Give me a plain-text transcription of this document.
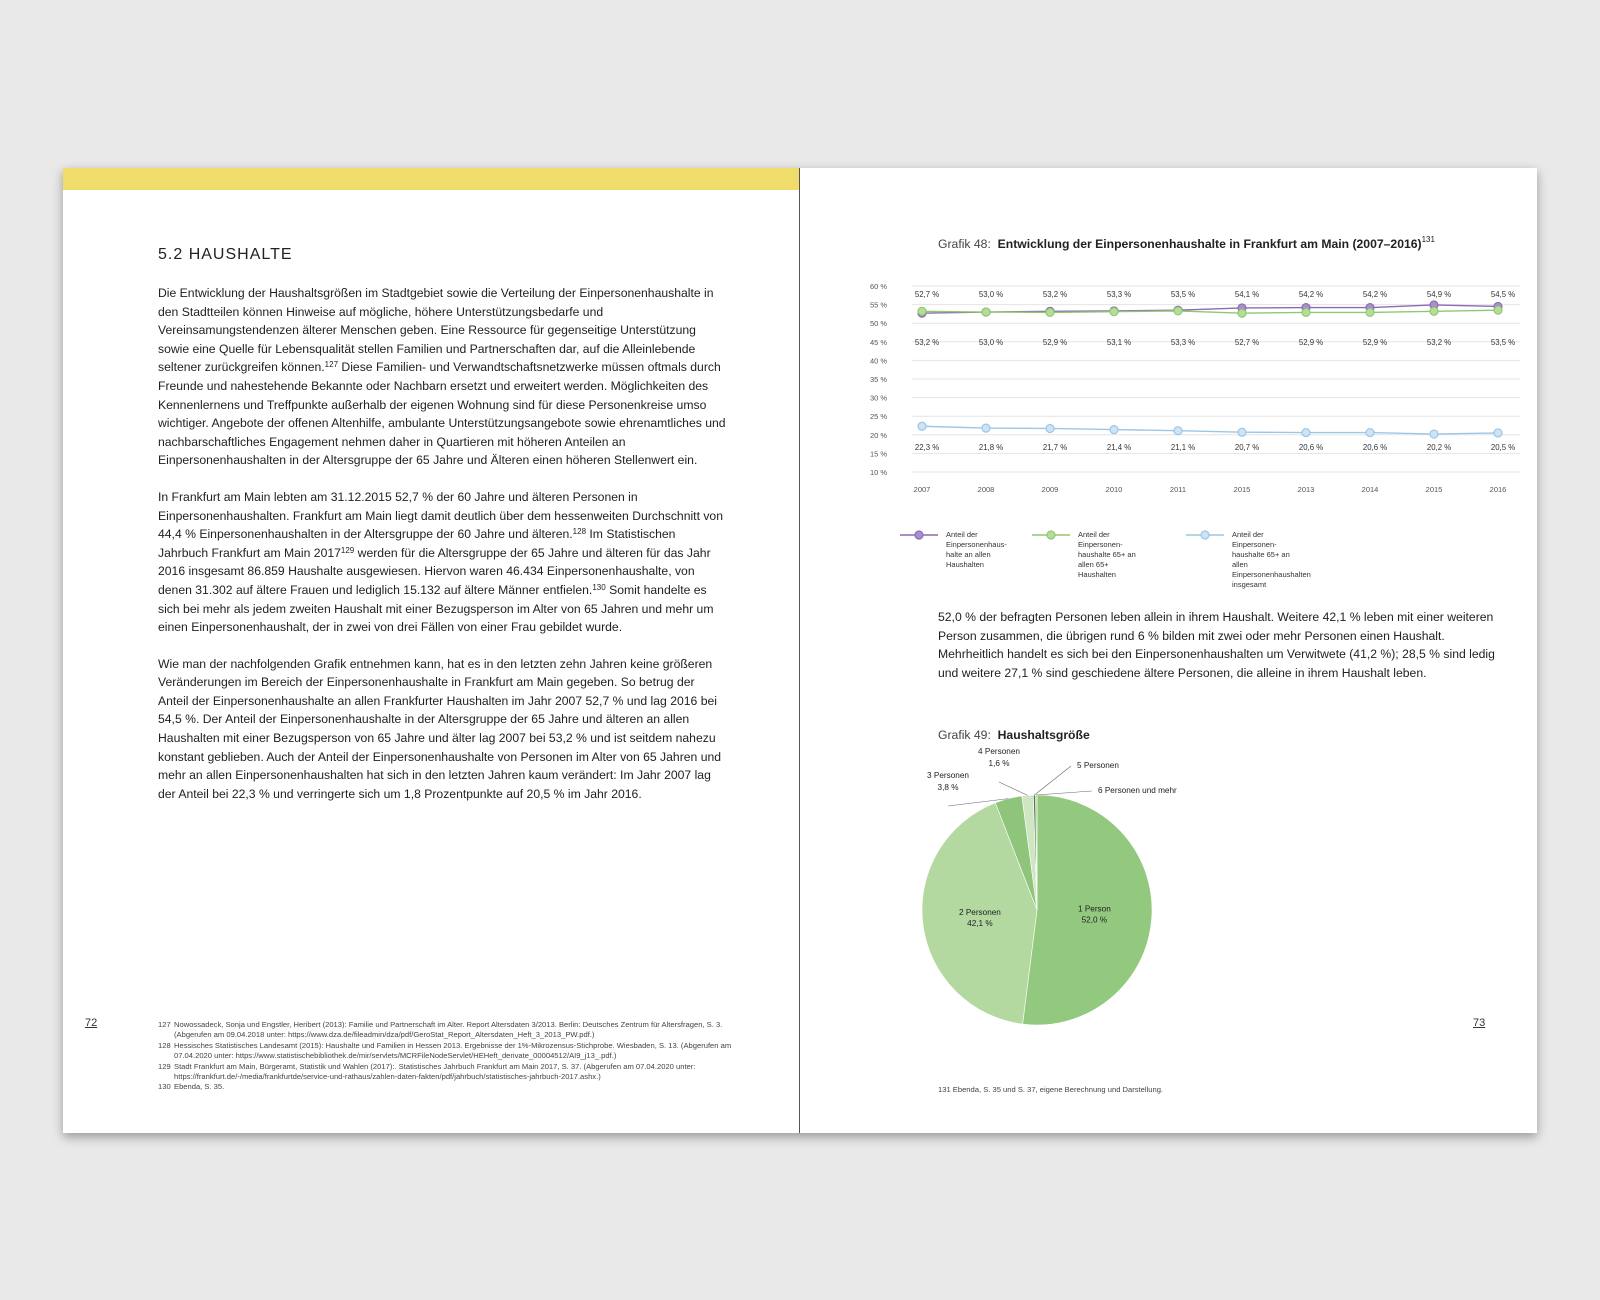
5.2 HAUSHALTE

Die Entwicklung der Haushaltsgrößen im Stadtgebiet sowie die Verteilung der Einpersonenhaushalte in den Stadtteilen können Hinweise auf mögliche, höhere Unterstützungsbedarfe und Vereinsamungstendenzen älterer Menschen geben. Eine Ressource für gegenseitige Unterstützung sowie eine Quelle für Lebensqualität stellen Familien und Partnerschaften dar, auf die Alleinlebende seltener zurückgreifen können.$^{127}$ Diese Familien- und Verwandtschaftsnetzwerke müssen oftmals durch Freunde und nahestehende Bekannte oder Nachbarn ersetzt und erweitert werden. Möglichkeiten des Kennenlernens und Treffpunkte außerhalb der eigenen Wohnung sind für diese Personenkreise umso wichtiger. Angebote der offenen Altenhilfe, ambulante Unterstützungsangebote sowie ehrenamtliches und nachbarschaftliches Engagement nehmen daher in Quartieren mit höheren Anteilen an Einpersonenhaushalten in der Altersgruppe der 65 Jahre und Älteren einen höheren Stellenwert ein.

In Frankfurt am Main lebten am 31.12.2015 52,7 % der 60 Jahre und älteren Personen in Einpersonenhaushalten. Frankfurt am Main liegt damit deutlich über dem hessenweiten Durchschnitt von 44,4 % Einpersonenhaushalten in der Altersgruppe der 60 Jahre und älteren.$^{128}$ Im Statistischen Jahrbuch Frankfurt am Main 2017$^{129}$ werden für die Altersgruppe der 65 Jahre und älteren für das Jahr 2016 insgesamt 86.859 Haushalte ausgewiesen. Hiervon waren 46.434 Einpersonenhaushalte, von denen 31.302 auf ältere Frauen und lediglich 15.132 auf ältere Männer entfielen.$^{130}$ Somit handelte es sich bei mehr als jedem zweiten Haushalt mit einer Bezugsperson im Alter von 65 Jahren und mehr um einen Einpersonenhaushalt, der in zwei von drei Fällen von einer Frau gebildet wurde.

Wie man der nachfolgenden Grafik entnehmen kann, hat es in den letzten zehn Jahren keine größeren Veränderungen im Bereich der Einpersonenhaushalte in Frankfurt am Main gegeben. So betrug der Anteil der Einpersonenhaushalte an allen Frankfurter Haushalten im Jahr 2007 52,7 % und lag 2016 bei 54,5 %. Der Anteil der Einpersonenhaushalte in der Altersgruppe der 65 Jahre und älteren an allen Haushalten mit einer Bezugsperson von 65 Jahre und älter lag 2007 bei 53,2 % und ist seitdem nahezu konstant geblieben. Auch der Anteil der Einpersonenhaushalte von Personen im Alter von 65 Jahren und mehr an allen Einpersonenhaushalten hat sich in den letzten Jahren kaum verändert: Im Jahr 2007 lag der Anteil bei 22,3 % und verringerte sich um 1,8 Prozentpunkte auf 20,5 % im Jahr 2016.

72	127 Nowossadeck, Sonja und Engstler, Heribert (2013): Familie und Partnerschaft im Alter. Report Altersdaten 3/2013. Berlin: Deutsches Zentrum für Altersfragen, S. 3. (Abgerufen am 09.04.2018 unter: https://www.dza.de/fileadmin/dza/pdf/GeroStat_Report_Altersdaten_Heft_3_2013_PW.pdf.)
128 Hessisches Statistisches Landesamt (2015): Haushalte und Familien in Hessen 2013. Ergebnisse der 1%-Mikrozensus-Stichprobe. Wiesbaden, S. 13. (Abgerufen am 07.04.2020 unter: https://www.statistischebibliothek.de/mir/servlets/MCRFileNodeServlet/HEHeft_derivate_00004512/AI9_j13_.pdf.)
129 Stadt Frankfurt am Main, Bürgeramt, Statistik und Wahlen (2017):. Statistisches Jahrbuch Frankfurt am Main 2017, S. 37. (Abgerufen am 07.04.2020 unter: https://frankfurt.de/-/media/frankfurtde/service-und-rathaus/zahlen-daten-fakten/pdf/jahrbuch/statistisches-jahrbuch-2017.ashx.)
130 Ebenda, S. 35.
Grafik 48: Entwicklung der Einpersonenhaushalte in Frankfurt am Main (2007–2016)$^{131}$
60 %
55 %
50 %
45 %
40 %
35 %
30 %
25 %
20 %
15 %
10 %
2007	2008	2009	2010	2011	2015	2013	2014	2015	2016
52,7 %	53,0 %	53,2 %	53,3 %	53,5 %	54,1 %	54,2 %	54,2 %	54,9 %	54,5 %
53,2 %	53,0 %	52,9 %	53,1 %	53,3 %	52,7 %	52,9 %	52,9 %	53,2 %	53,5 %
22,3 %	21,8 %	21,7 %	21,4 %	21,1 %	20,7 %	20,6 %	20,6 %	20,2 %	20,5 %
Anteil der Einpersonenhaus-halte an allen Haushalten
Anteil der Einpersonen-haushalte 65+ an allen 65+ Haushalten
Anteil der Einpersonen-haushalte 65+ an allen Einpersonenhaushalten insgesamt
52,0 % der befragten Personen leben allein in ihrem Haushalt. Weitere 42,1 % leben mit einer weiteren Person zusammen, die übrigen rund 6 % bilden mit zwei oder mehr Personen einen Haushalt. Mehrheitlich handelt es sich bei den Einpersonenhaushalten um Verwitwete (41,2 %); 28,5 % sind ledig und weitere 27,1 % sind geschiedene ältere Personen, die alleine in ihrem Haushalt leben.
Grafik 49: Haushaltsgröße
1 Person
52,0 %
2 Personen
42,1 %
3 Personen
3,8 %
4 Personen
1,6 %	5 Personen
6 Personen und mehr
73
131 Ebenda, S. 35 und S. 37, eigene Berechnung und Darstellung.
